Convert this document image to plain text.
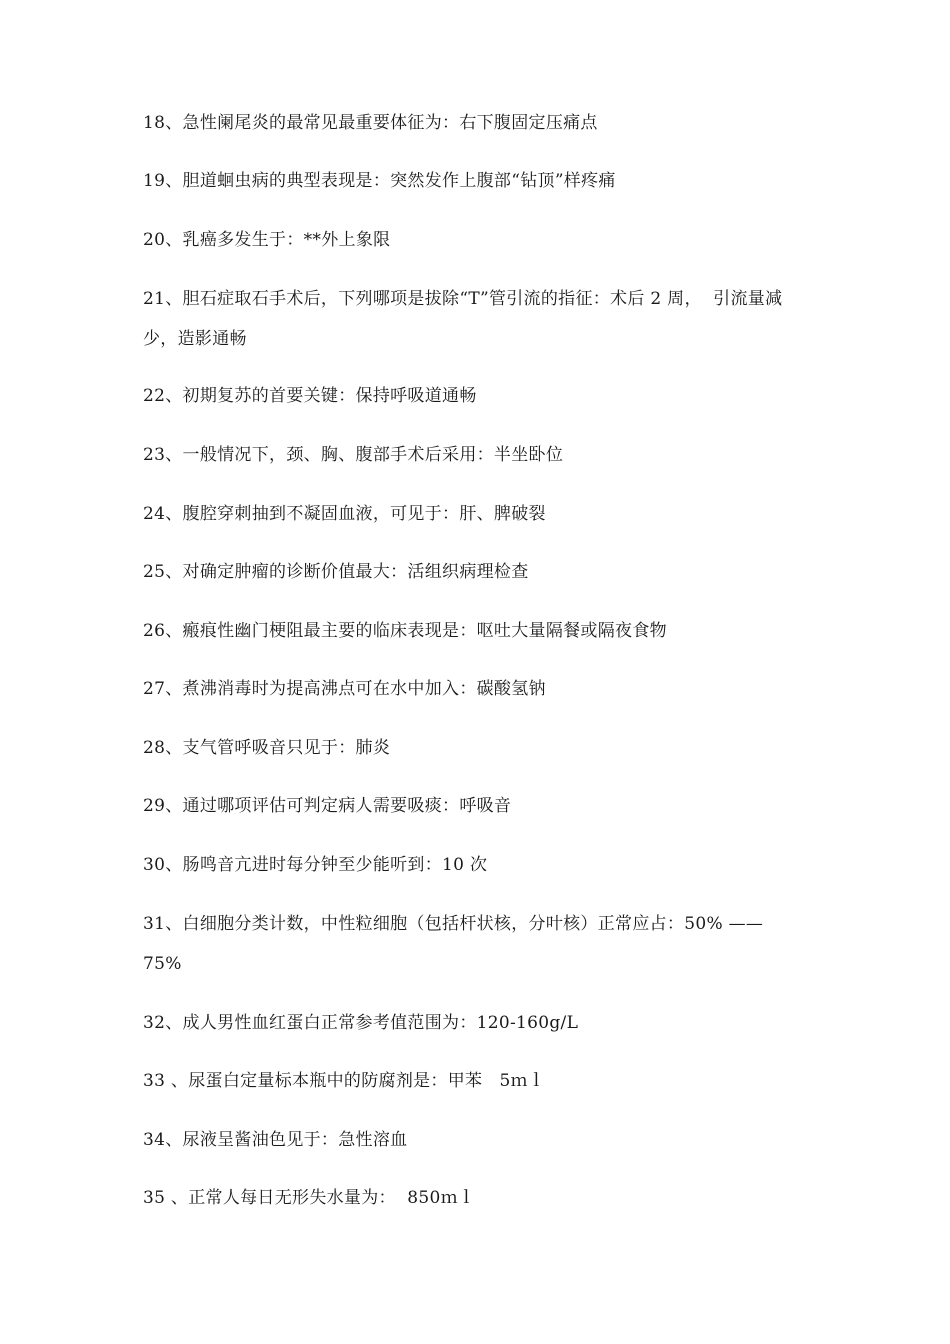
18、急性阑尾炎的最常见最重要体征为：右下腹固定压痛点
19、胆道蛔虫病的典型表现是：突然发作上腹部“钻顶”样疼痛
20、乳癌多发生于：**外上象限
21、胆石症取石手术后，下列哪项是拔除“T”管引流的指征：术后 2 周，  引流量减少，造影通畅
22、初期复苏的首要关键：保持呼吸道通畅
23、一般情况下，颈、胸、腹部手术后采用：半坐卧位
24、腹腔穿刺抽到不凝固血液，可见于：肝、脾破裂
25、对确定肿瘤的诊断价值最大：活组织病理检查
26、瘢痕性幽门梗阻最主要的临床表现是：呕吐大量隔餐或隔夜食物
27、煮沸消毒时为提高沸点可在水中加入：碳酸氢钠
28、支气管呼吸音只见于：肺炎
29、通过哪项评估可判定病人需要吸痰：呼吸音
30、肠鸣音亢进时每分钟至少能听到：10 次
31、白细胞分类计数，中性粒细胞（包括杆状核，分叶核）正常应占：50% ——  75%
32、成人男性血红蛋白正常参考值范围为：120-160g/L
33 、尿蛋白定量标本瓶中的防腐剂是：甲苯   5ｍｌ
34、尿液呈酱油色见于：急性溶血
35 、正常人每日无形失水量为：  850ｍｌ
